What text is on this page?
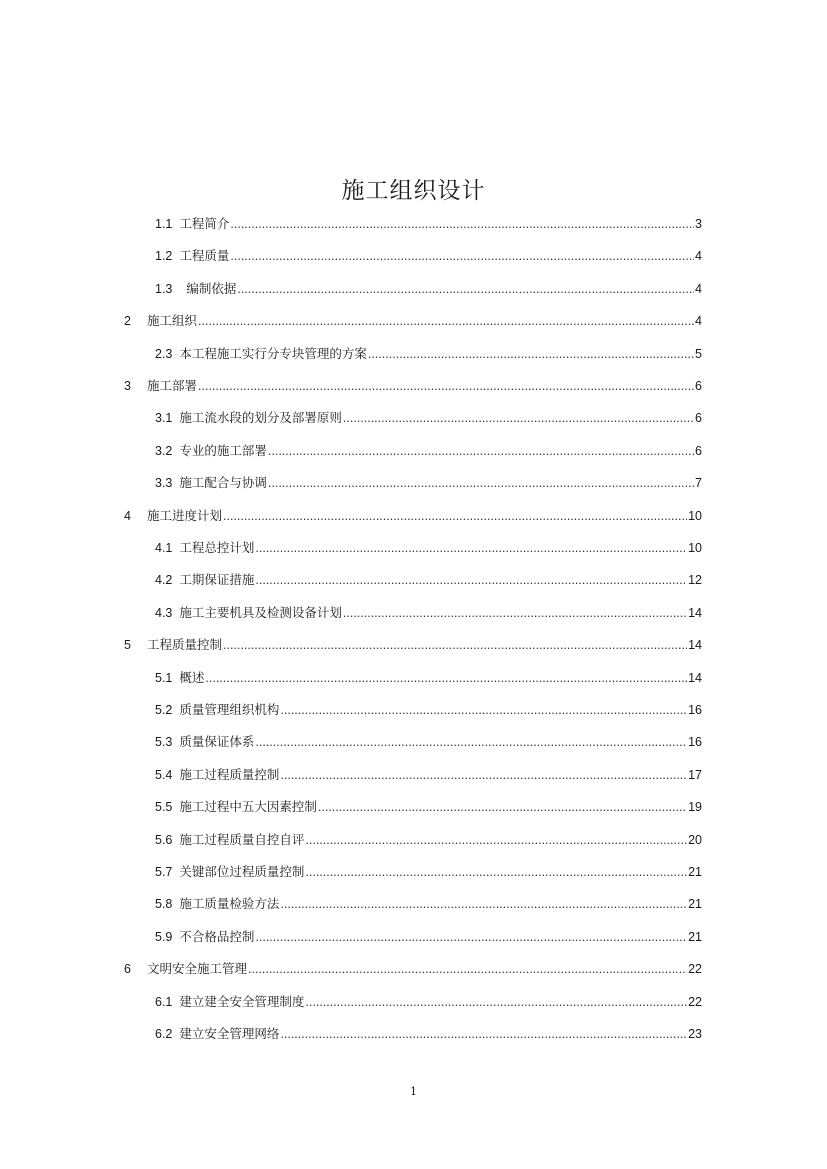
施工组织设计
1.1 工程简介 .....	3
1.2 工程质量 .....	4
1.3 编制依据 .....	4
2	施工组织 .....	4
2.3 本工程施工实行分专块管理的方案 .....	5
3	施工部署 .....	6
3.1 施工流水段的划分及部署原则 .....	6
3.2 专业的施工部署 .....	6
3.3 施工配合与协调 .....	7
4	施工进度计划 .....	10
4.1 工程总控计划 .....	10
4.2 工期保证措施 .....	12
4.3 施工主要机具及检测设备计划 .....	14
5	工程质量控制 .....	14
5.1 概述 .....	14
5.2 质量管理组织机构 .....	16
5.3 质量保证体系 .....	16
5.4 施工过程质量控制 .....	17
5.5 施工过程中五大因素控制 .....	19
5.6 施工过程质量自控自评 .....	20
5.7 关键部位过程质量控制 .....	21
5.8 施工质量检验方法 .....	21
5.9 不合格品控制 .....	21
6	文明安全施工管理 .....	22
6.1 建立建全安全管理制度 .....	22
6.2 建立安全管理网络 .....	23
1
